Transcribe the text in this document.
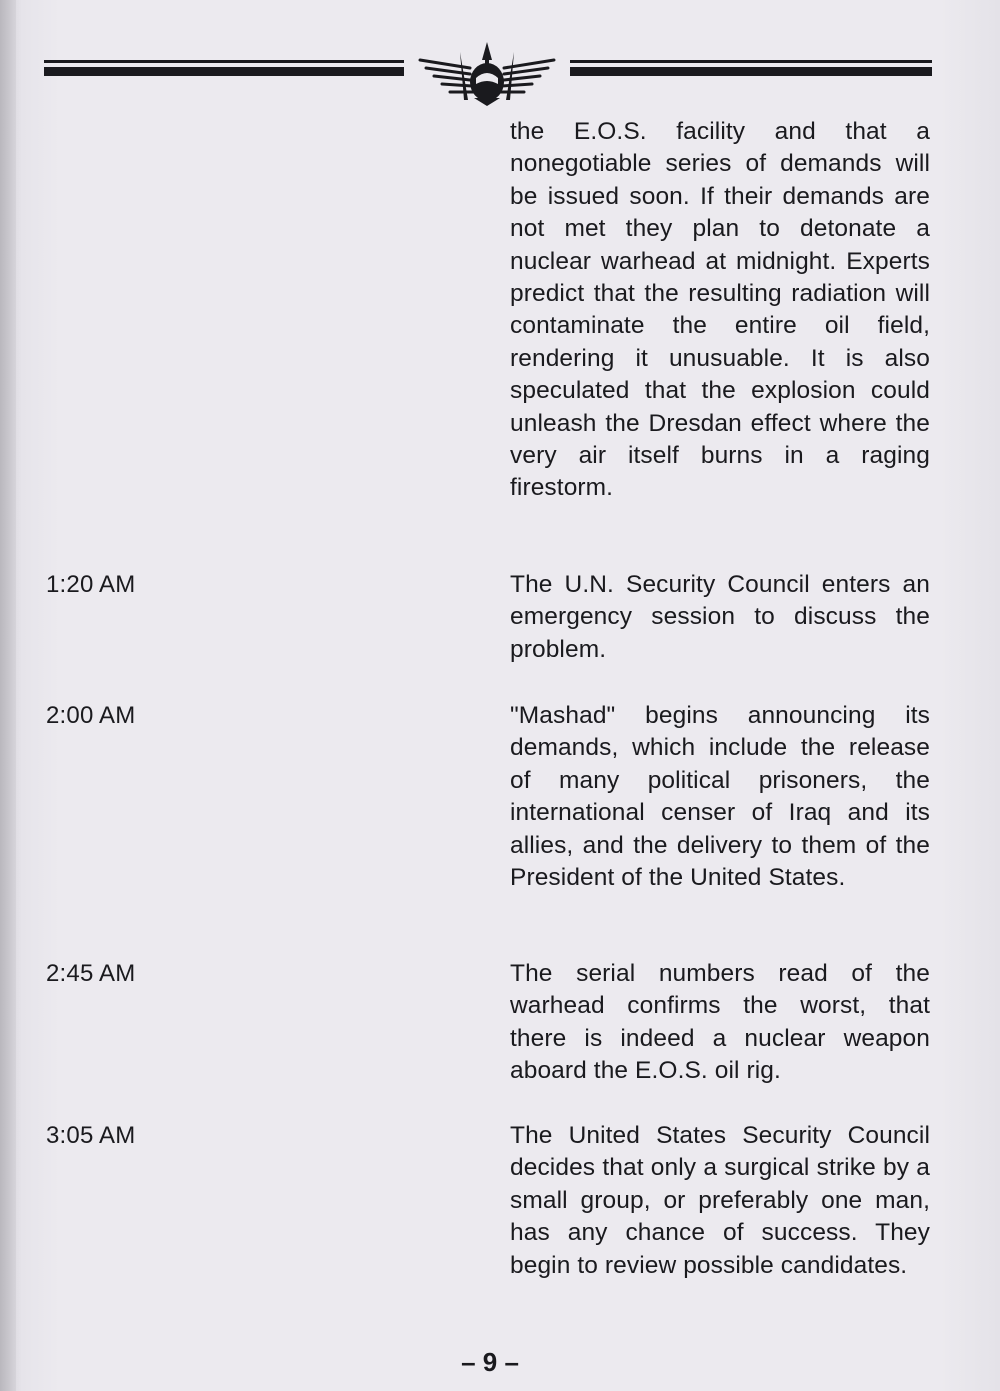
the E.O.S. facility and that a nonegotiable series of demands will be issued soon. If their demands are not met they plan to detonate a nuclear warhead at midnight. Experts predict that the resulting radiation will contaminate the entire oil field, rendering it unusuable. It is also speculated that the explosion could unleash the Dresdan effect where the very air itself burns in a raging firestorm.
1:20 AM	The U.N. Security Council enters an emergency session to discuss the problem.
2:00 AM	"Mashad" begins announcing its demands, which include the release of many political prisoners, the international censer of Iraq and its allies, and the delivery to them of the President of the United States.
2:45 AM	The serial numbers read of the warhead confirms the worst, that there is indeed a nuclear weapon aboard the E.O.S. oil rig.
3:05 AM	The United States Security Council decides that only a surgical strike by a small group, or preferably one man, has any chance of success. They begin to review possible candidates.
– 9 –
